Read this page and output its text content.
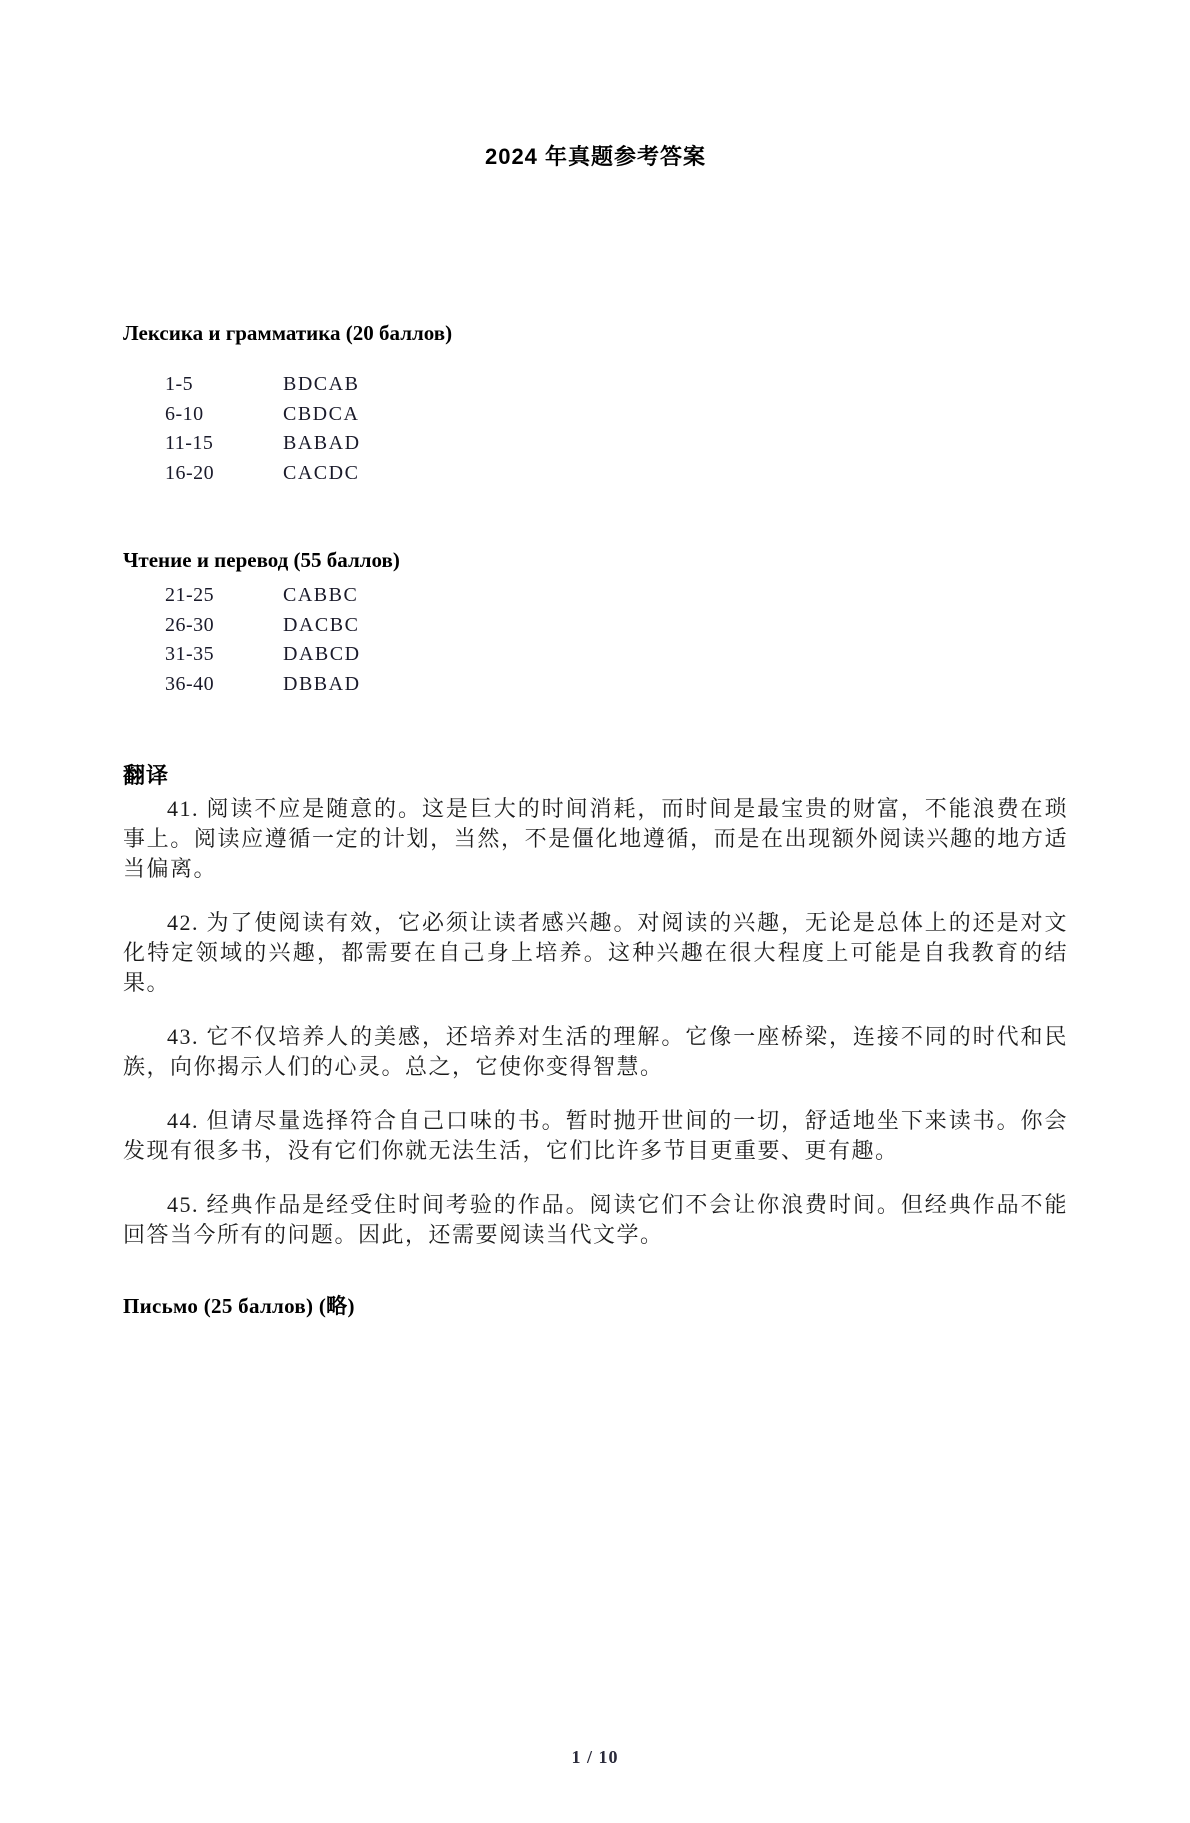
2024 年真题参考答案
Лексика и грамматика (20 баллов)
1-5	BDCAB
6-10	CBDCA
11-15	BABAD
16-20	CACDC
Чтение и перевод (55 баллов)
21-25	CABBC
26-30	DACBC
31-35	DABCD
36-40	DBBAD
翻译

41. 阅读不应是随意的。这是巨大的时间消耗，而时间是最宝贵的财富，不能浪费在琐事上。阅读应遵循一定的计划，当然，不是僵化地遵循，而是在出现额外阅读兴趣的地方适当偏离。

42. 为了使阅读有效，它必须让读者感兴趣。对阅读的兴趣，无论是总体上的还是对文化特定领域的兴趣，都需要在自己身上培养。这种兴趣在很大程度上可能是自我教育的结果。

43. 它不仅培养人的美感，还培养对生活的理解。它像一座桥梁，连接不同的时代和民族，向你揭示人们的心灵。总之，它使你变得智慧。

44. 但请尽量选择符合自己口味的书。暂时抛开世间的一切，舒适地坐下来读书。你会发现有很多书，没有它们你就无法生活，它们比许多节目更重要、更有趣。

45. 经典作品是经受住时间考验的作品。阅读它们不会让你浪费时间。但经典作品不能回答当今所有的问题。因此，还需要阅读当代文学。

Письмо (25 баллов) (略)

1 / 10
